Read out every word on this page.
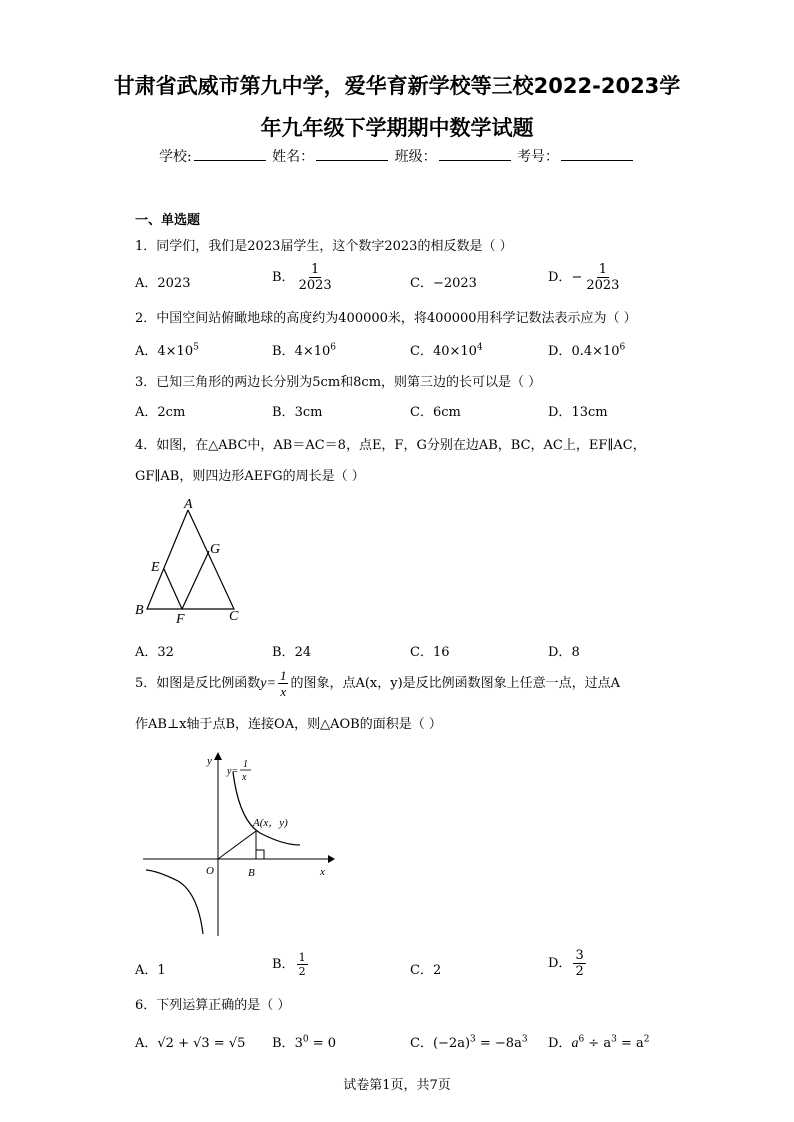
甘肃省武威市第九中学，爱华育新学校等三校2022-2023学
年九年级下学期期中数学试题
学校:	姓名：	班级：	考号：
一、单选题
1．同学们，我们是2023届学生，这个数字2023的相反数是（ ）
A．2023	B． $\frac{1}{2023}$	C．−2023	D．− $\frac{1}{2023}$
2．中国空间站俯瞰地球的高度约为400000米，将400000用科学记数法表示应为（ ）
A．$4\times 10^5$	B．$4\times 10^6$	C．$40\times 10^4$	D．$0.4\times 10^6$
3．已知三角形的两边长分别为5cm和8cm，则第三边的长可以是（ ）
A．2cm	B．3cm	C．6cm	D．13cm
4．如图，在△ABC中，AB＝AC＝8，点E，F，G分别在边AB，BC，AC上，EF∥AC，
GF∥AB，则四边形AEFG的周长是（ ）
A
E
G
B
F	C
A．32	B．24	C．16	D．8
5．如图是反比例函数$y= \frac{1}{x}$ 的图象，点A(x，y)是反比例函数图象上任意一点，过点A
作AB⊥x轴于点B，连接OA，则△AOB的面积是（ ）
y
y=
1
x
A(x，y)
O	B	x
A．1	B． $\frac{1}{2}$	C．2	D． $\frac{3}{2}$
6．下列运算正确的是（ ）
A．√2 + √3 = √5 B．$3^0 = 0$	C．$(-2a)^3 = -8a^3$ D．$a^6 \div a^3 = a^2$
试卷第1页，共7页
